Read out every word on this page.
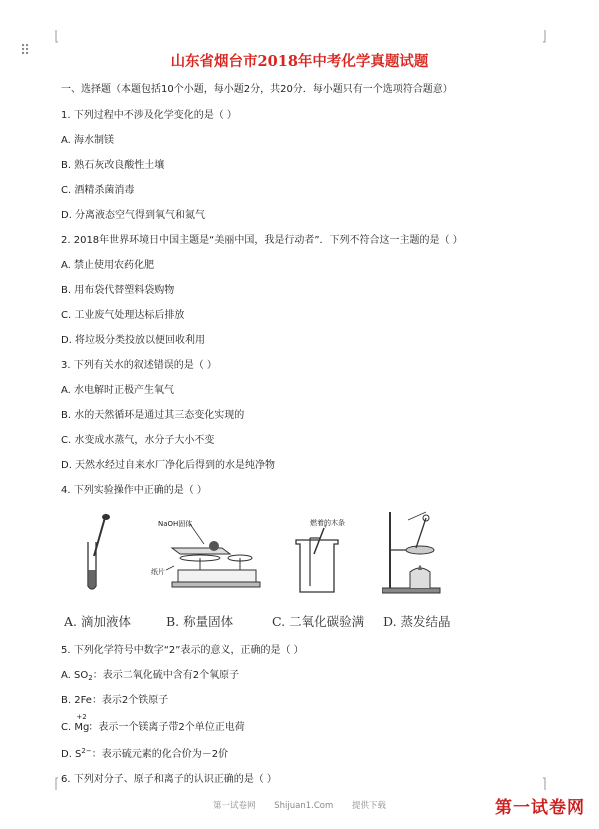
⠿
山东省烟台市2018年中考化学真题试题
一、选择题（本题包括10个小题，每小题2分，共20分．每小题只有一个选项符合题意）
1. 下列过程中不涉及化学变化的是（ ）
A. 海水制镁
B. 熟石灰改良酸性土壤
C. 酒精杀菌消毒
D. 分离液态空气得到氧气和氮气
2. 2018年世界环境日中国主题是“美丽中国，我是行动者”．下列不符合这一主题的是（ ）
A. 禁止使用农药化肥
B. 用布袋代替塑料袋购物
C. 工业废气处理达标后排放
D. 将垃圾分类投放以便回收利用
3. 下列有关水的叙述错误的是（ ）
A. 水电解时正极产生氧气
B. 水的天然循环是通过其三态变化实现的
C. 水变成水蒸气，水分子大小不变
D. 天然水经过自来水厂净化后得到的水是纯净物
4. 下列实验操作中正确的是（ ）
NaOH固体
纸片
燃着的木条
A. 滴加液体	B. 称量固体	C. 二氧化碳验满 D. 蒸发结晶
5. 下列化学符号中数字“2”表示的意义，正确的是（ ）
A. $SO_2$：表示二氧化硫中含有2个氧原子
B. 2Fe：表示2个铁原子
C.
+2
Mg：表示一个镁离子带2个单位正电荷
D. $S^{2-}$：表示硫元素的化合价为－2价
6. 下列对分子、原子和离子的认识正确的是（ ）
第一试卷网 Shijuan1.Com 提供下载	第一试卷网
